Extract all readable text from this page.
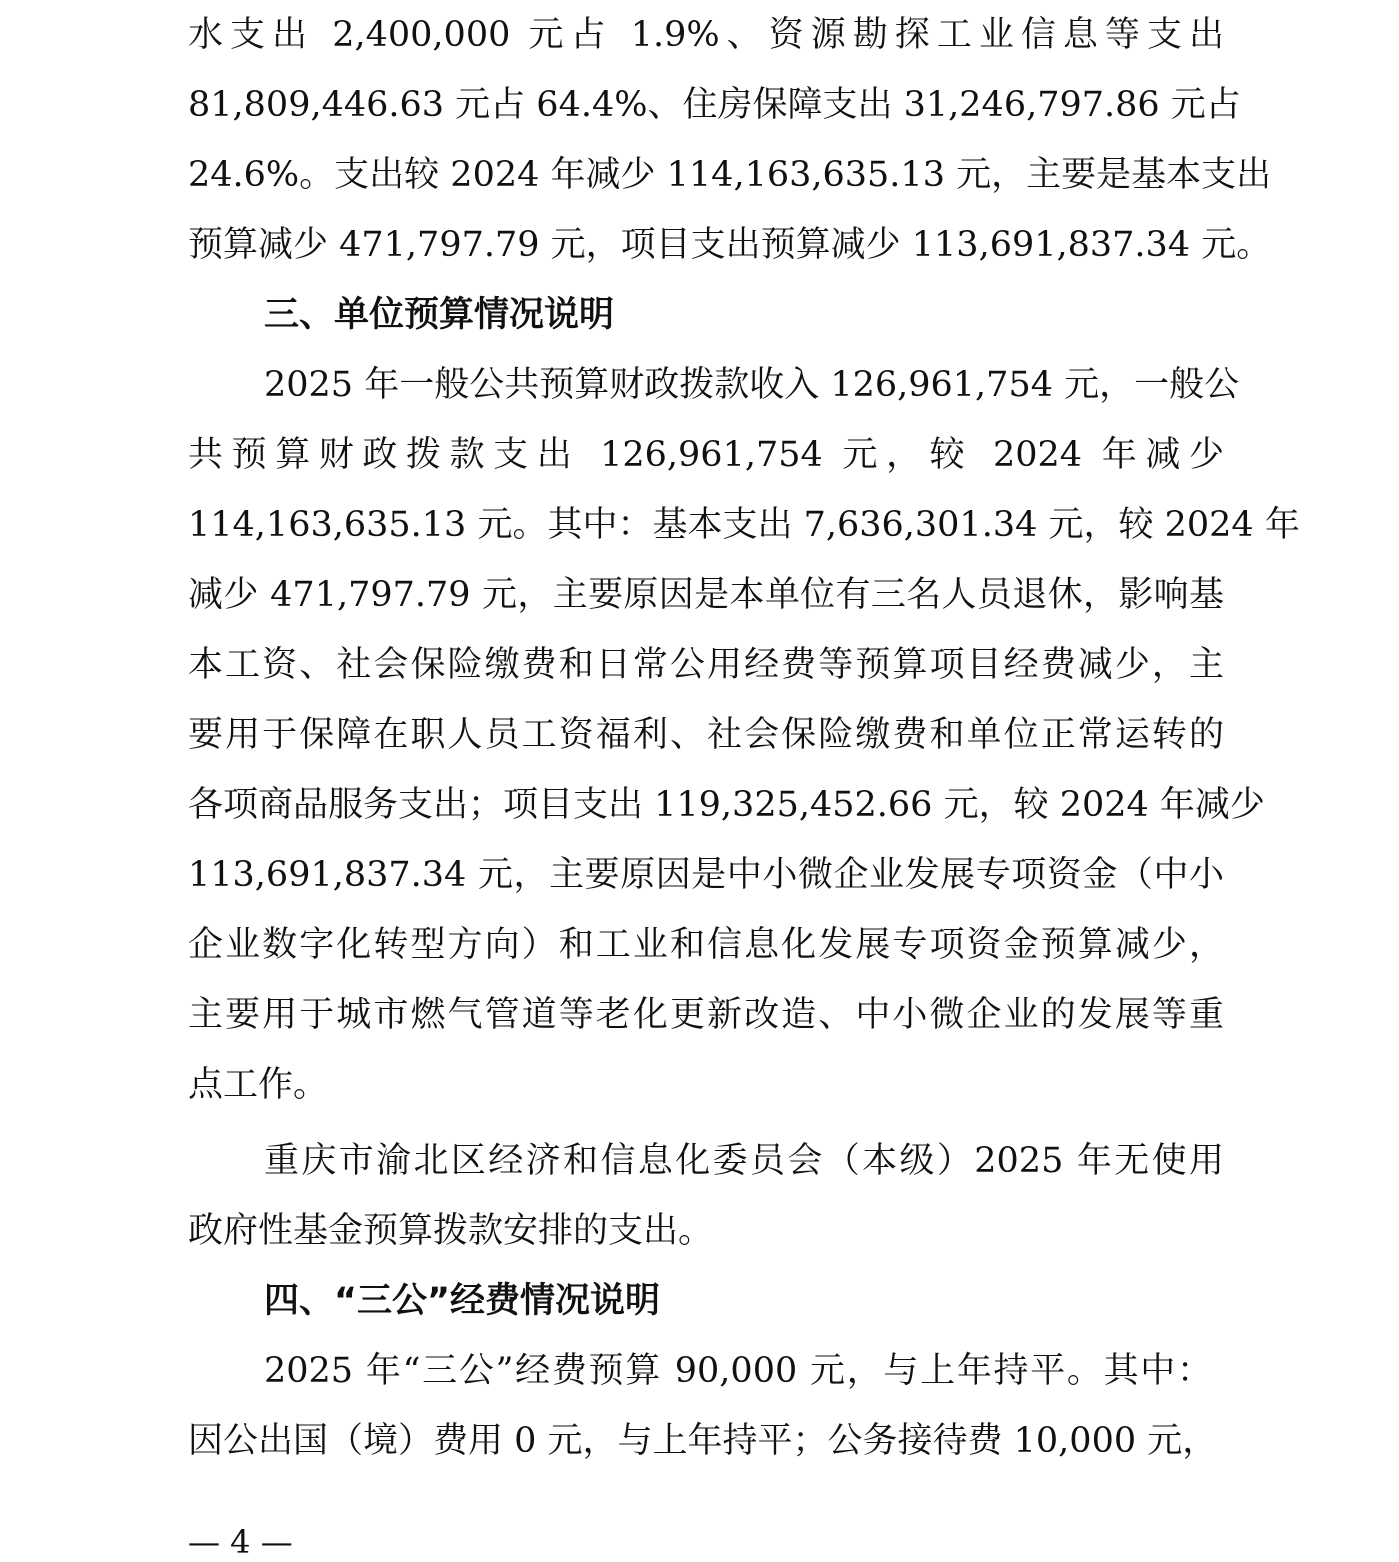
水支出 2,400,000 元占 1.9%、资源勘探工业信息等支出
81,809,446.63 元占 64.4%、住房保障支出 31,246,797.86 元占
24.6%。支出较 2024 年减少 114,163,635.13 元，主要是基本支出
预算减少 471,797.79 元，项目支出预算减少 113,691,837.34 元。
三、单位预算情况说明
2025 年一般公共预算财政拨款收入 126,961,754 元，一般公
共预算财政拨款支出 126,961,754 元，较 2024 年减少
114,163,635.13 元。其中：基本支出 7,636,301.34 元，较 2024 年
减少 471,797.79 元，主要原因是本单位有三名人员退休，影响基
本工资、社会保险缴费和日常公用经费等预算项目经费减少，主
要用于保障在职人员工资福利、社会保险缴费和单位正常运转的
各项商品服务支出；项目支出 119,325,452.66 元，较 2024 年减少
113,691,837.34 元，主要原因是中小微企业发展专项资金（中小
企业数字化转型方向）和工业和信息化发展专项资金预算减少，
主要用于城市燃气管道等老化更新改造、中小微企业的发展等重
点工作。
重庆市渝北区经济和信息化委员会（本级）2025 年无使用
政府性基金预算拨款安排的支出。
四、“三公”经费情况说明
2025 年“三公”经费预算 90,000 元，与上年持平。其中：
因公出国（境）费用 0 元，与上年持平；公务接待费 10,000 元，
— 4 —
